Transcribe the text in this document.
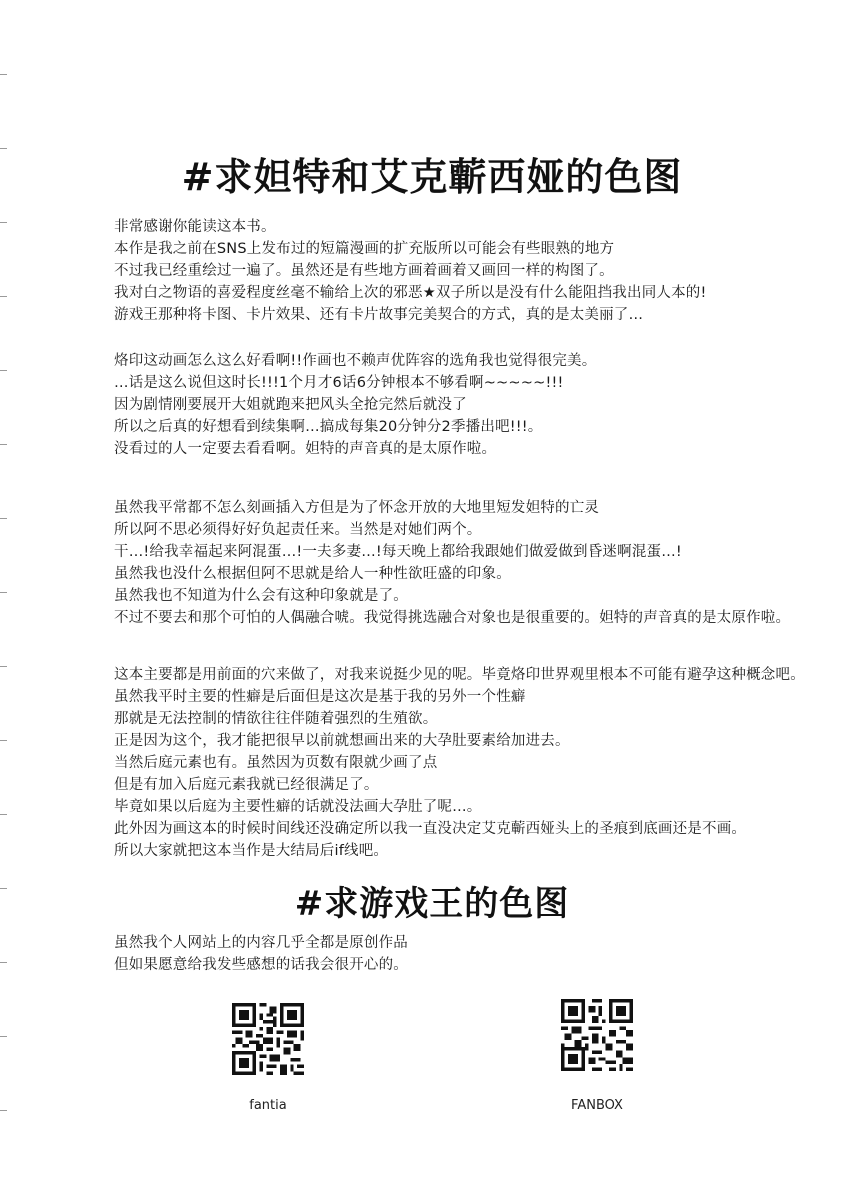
#求妲特和艾克蘄西娅的色图
非常感谢你能读这本书。
本作是我之前在SNS上发布过的短篇漫画的扩充版所以可能会有些眼熟的地方
不过我已经重绘过一遍了。虽然还是有些地方画着画着又画回一样的构图了。
我对白之物语的喜爱程度丝毫不输给上次的邪恶★双子所以是没有什么能阻挡我出同人本的!
游戏王那种将卡图、卡片效果、还有卡片故事完美契合的方式，真的是太美丽了…
烙印这动画怎么这么好看啊!!作画也不赖声优阵容的选角我也觉得很完美。
…话是这么说但这时长!!!1个月才6话6分钟根本不够看啊~~~~~!!!
因为剧情刚要展开大姐就跑来把风头全抢完然后就没了
所以之后真的好想看到续集啊…搞成每集20分钟分2季播出吧!!!。
没看过的人一定要去看看啊。妲特的声音真的是太原作啦。
虽然我平常都不怎么刻画插入方但是为了怀念开放的大地里短发妲特的亡灵
所以阿不思必须得好好负起责任来。当然是对她们两个。
干…!给我幸福起来阿混蛋…!一夫多妻…!每天晚上都给我跟她们做爱做到昏迷啊混蛋…!
虽然我也没什么根据但阿不思就是给人一种性欲旺盛的印象。
虽然我也不知道为什么会有这种印象就是了。
不过不要去和那个可怕的人偶融合唬。我觉得挑选融合对象也是很重要的。妲特的声音真的是太原作啦。
这本主要都是用前面的穴来做了，对我来说挺少见的呢。毕竟烙印世界观里根本不可能有避孕这种概念吧。
虽然我平时主要的性癖是后面但是这次是基于我的另外一个性癖
那就是无法控制的情欲往往伴随着强烈的生殖欲。
正是因为这个，我才能把很早以前就想画出来的大孕肚要素给加进去。
当然后庭元素也有。虽然因为页数有限就少画了点
但是有加入后庭元素我就已经很满足了。
毕竟如果以后庭为主要性癖的话就没法画大孕肚了呢…。
此外因为画这本的时候时间线还没确定所以我一直没决定艾克蘄西娅头上的圣痕到底画还是不画。
所以大家就把这本当作是大结局后if线吧。
#求游戏王的色图
虽然我个人网站上的内容几乎全都是原创作品
但如果愿意给我发些感想的话我会很开心的。
fantia	FANBOX
